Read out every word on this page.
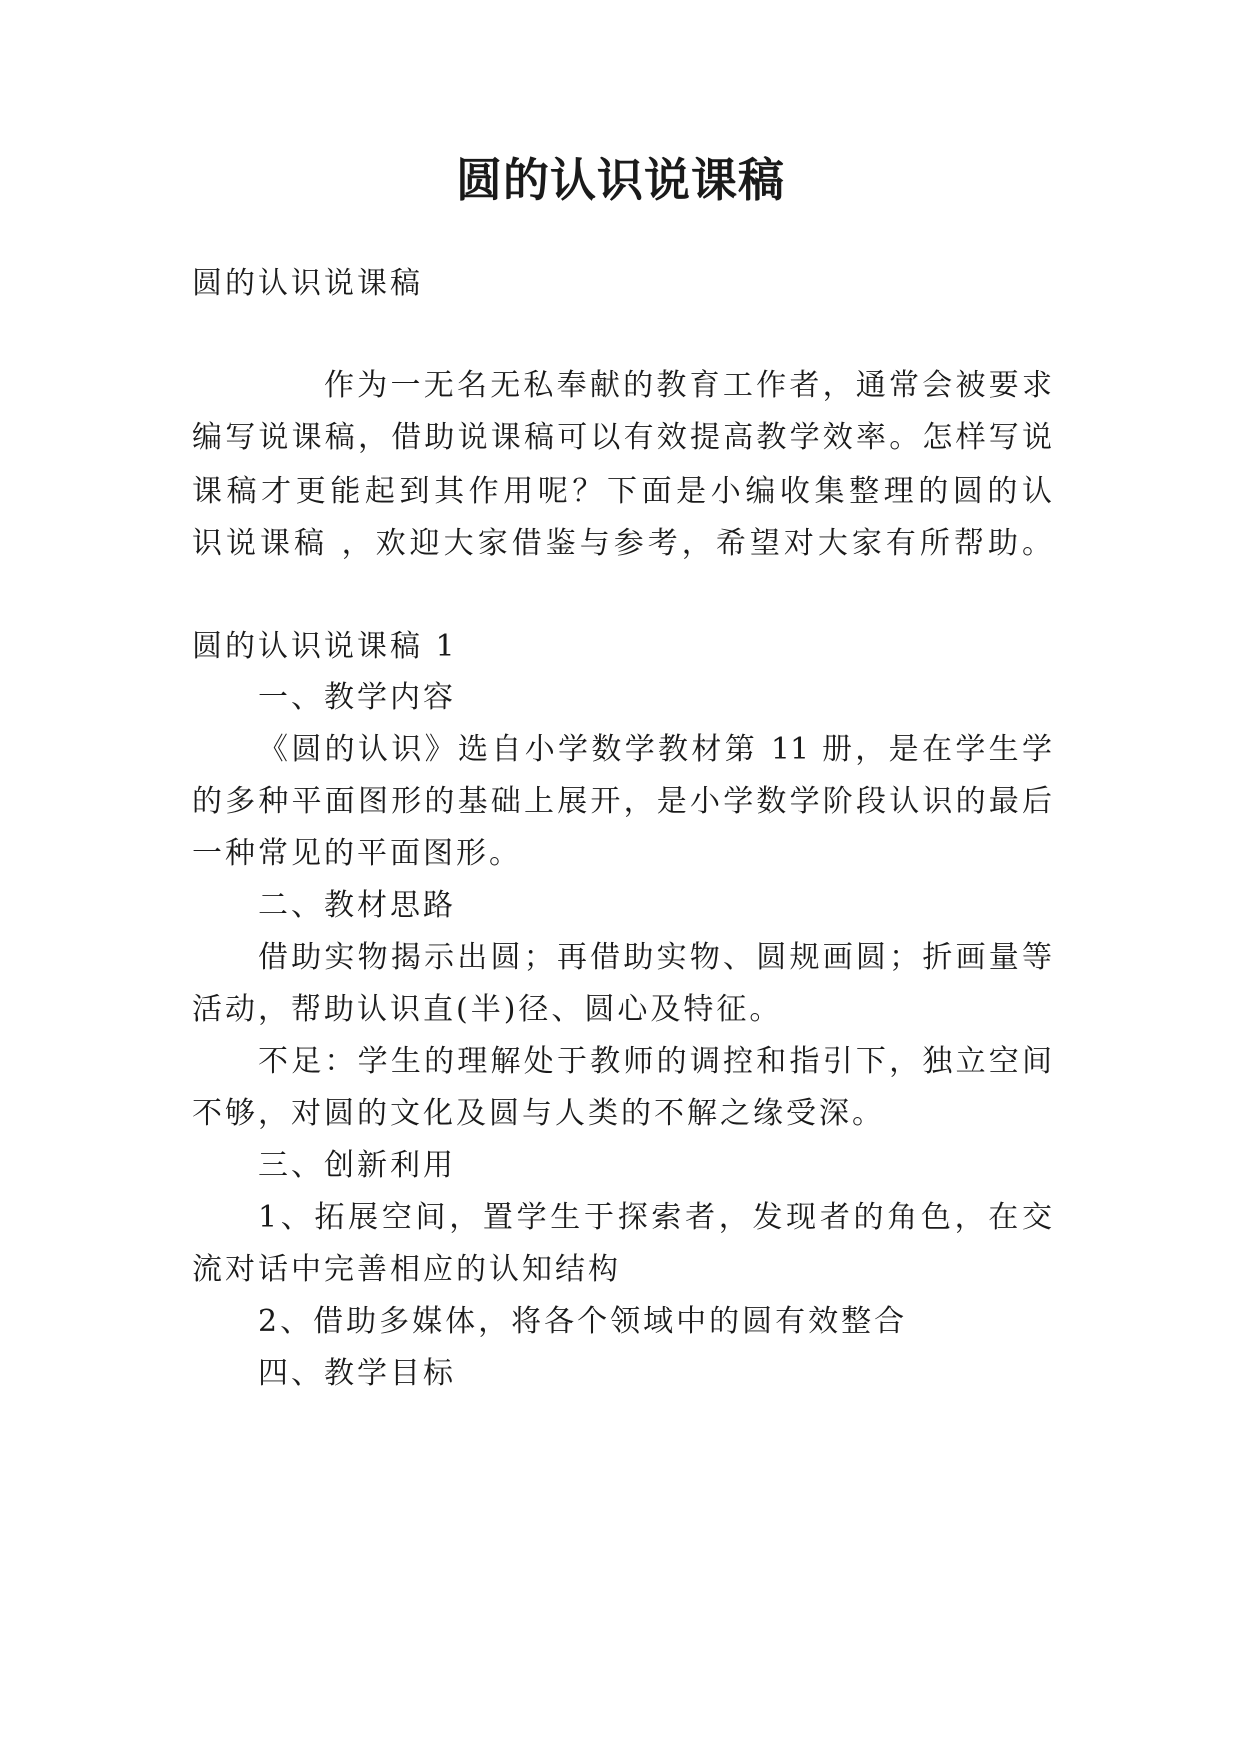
圆的认识说课稿
圆的认识说课稿
作为一无名无私奉献的教育工作者，通常会被要求
编写说课稿，借助说课稿可以有效提高教学效率。怎样写说
课稿才更能起到其作用呢？下面是小编收集整理的圆的认
识说课稿 ，欢迎大家借鉴与参考，希望对大家有所帮助。
圆的认识说课稿 1
一、教学内容
《圆的认识》选自小学数学教材第 11 册，是在学生学
的多种平面图形的基础上展开，是小学数学阶段认识的最后
一种常见的平面图形。
二、教材思路
借助实物揭示出圆；再借助实物、圆规画圆；折画量等
活动，帮助认识直(半)径、圆心及特征。
不足：学生的理解处于教师的调控和指引下，独立空间
不够，对圆的文化及圆与人类的不解之缘受深。
三、创新利用
1、拓展空间，置学生于探索者，发现者的角色，在交
流对话中完善相应的认知结构
2、借助多媒体，将各个领域中的圆有效整合
四、教学目标
